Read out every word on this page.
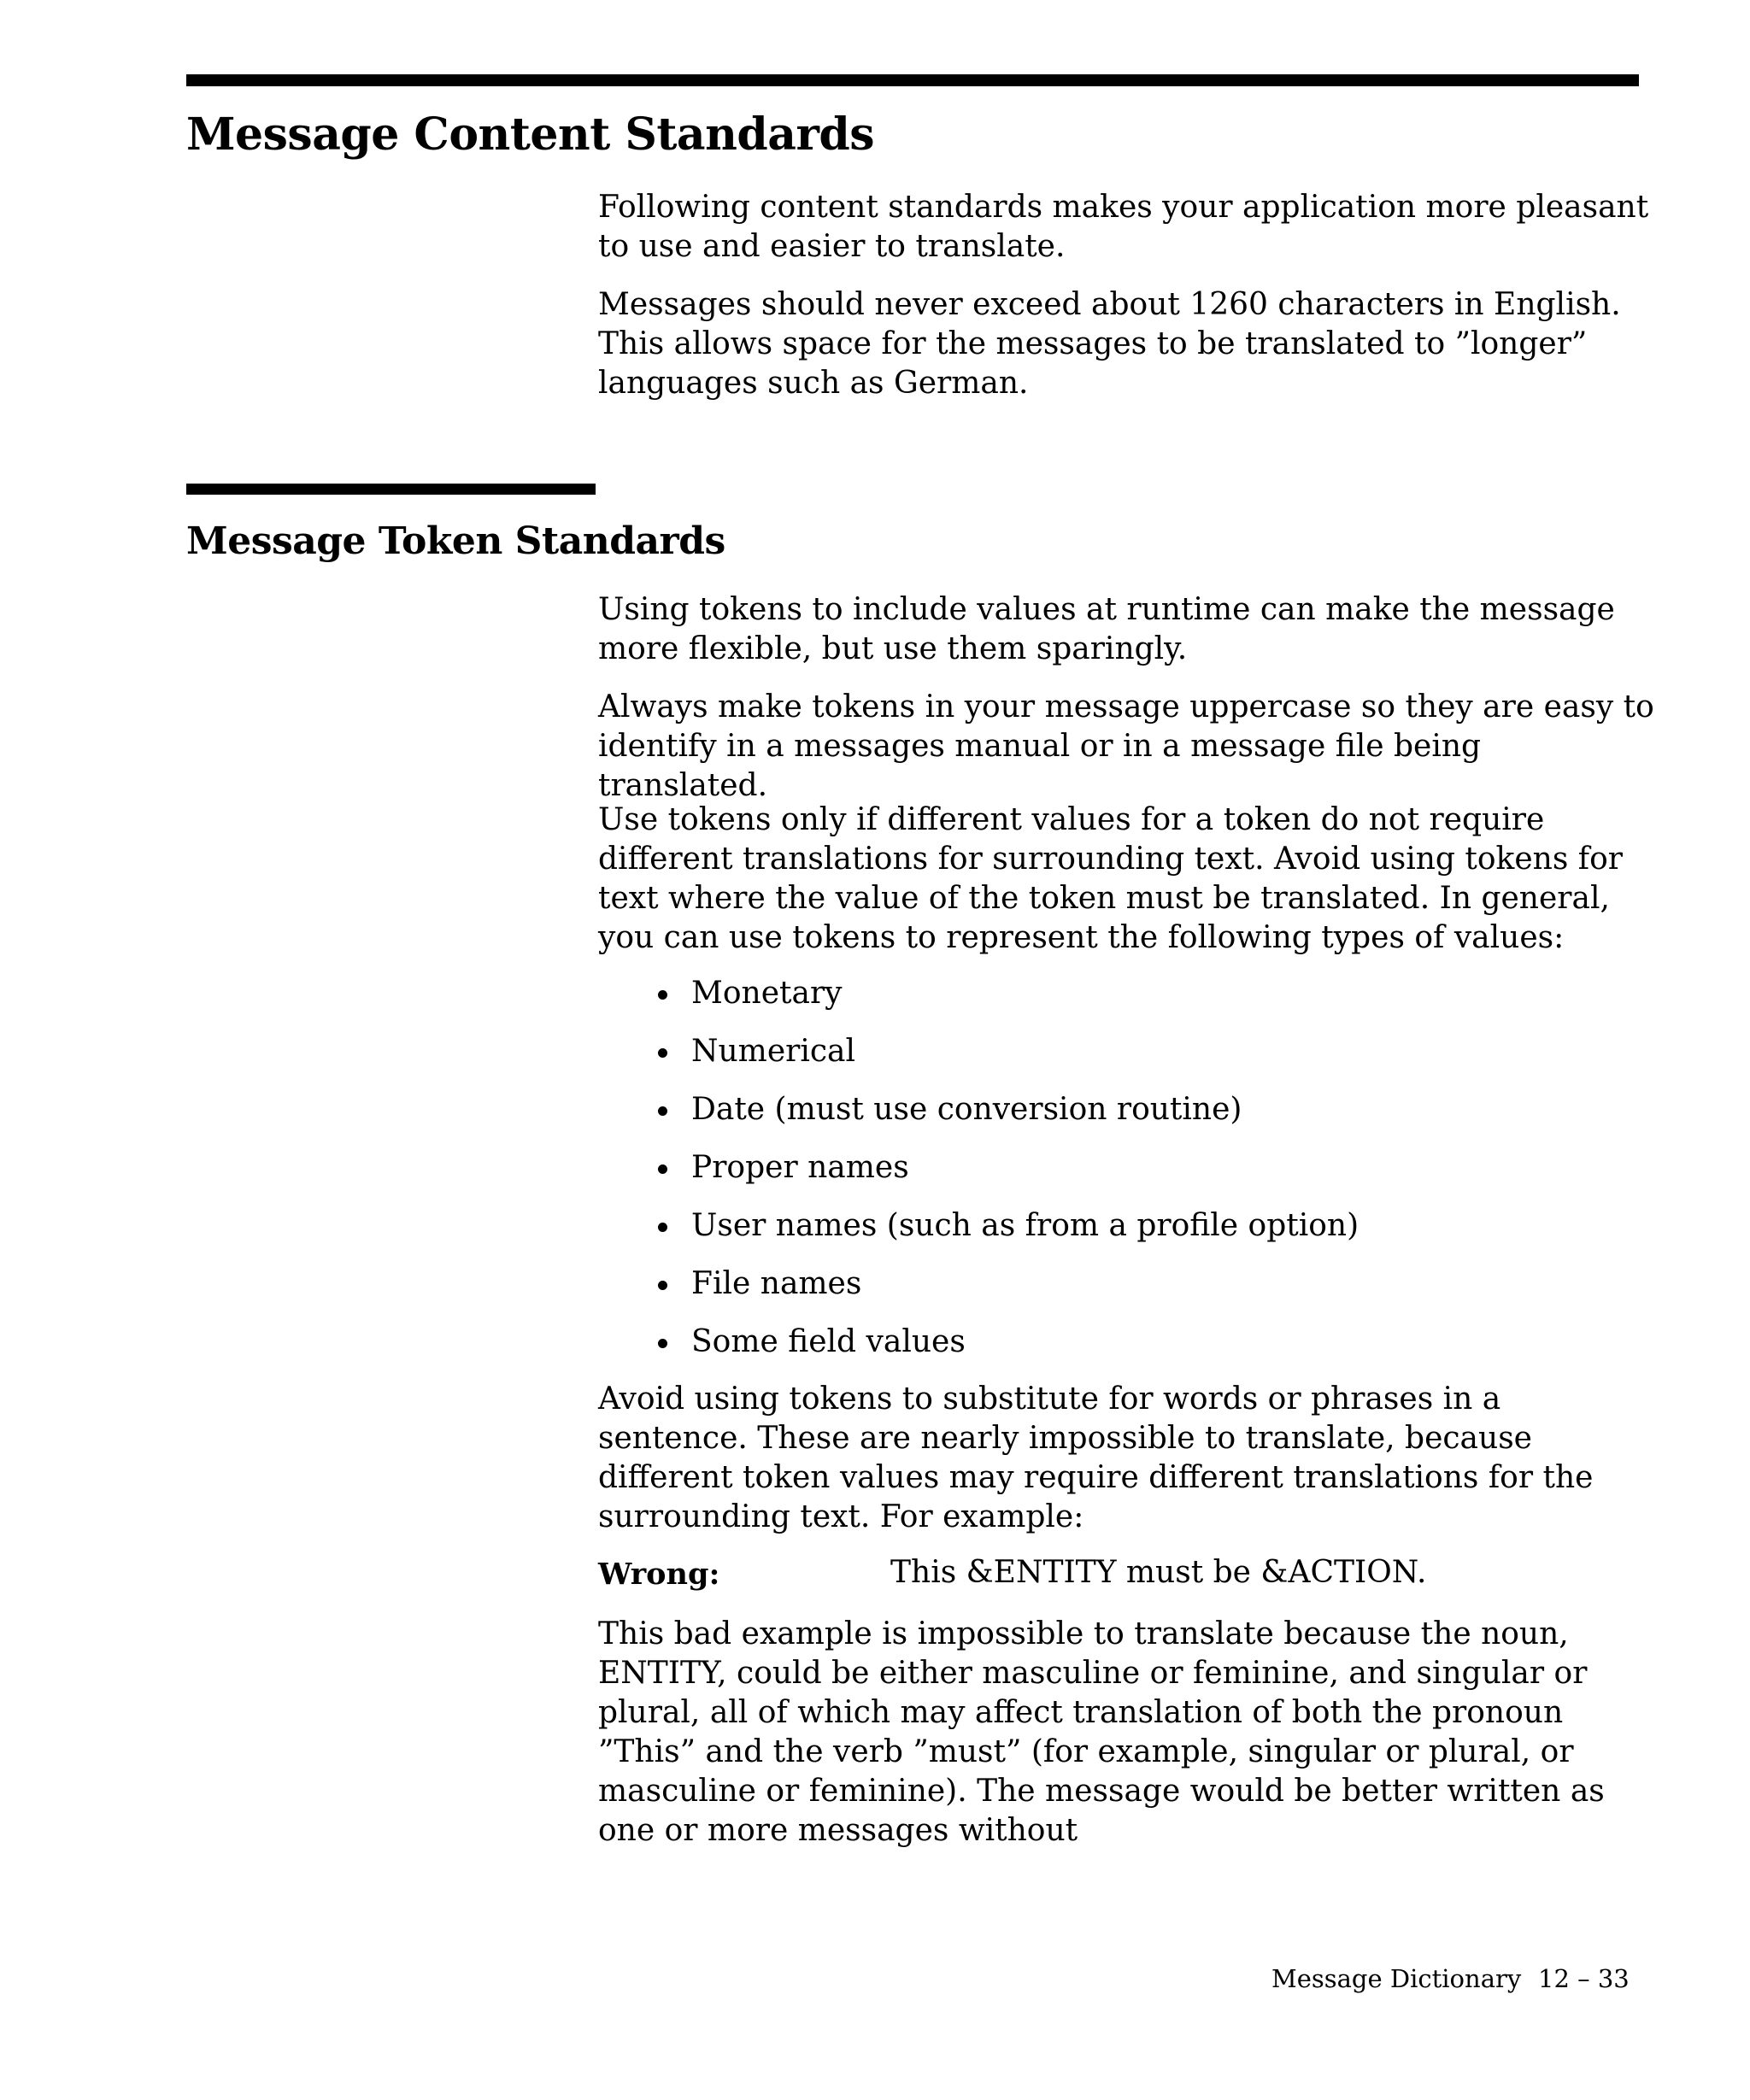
Message Content Standards

Following content standards makes your application more pleasant to use and easier to translate.

Messages should never exceed about 1260 characters in English. This allows space for the messages to be translated to ”longer” languages such as German.

Message Token Standards

Using tokens to include values at runtime can make the message more flexible, but use them sparingly.

Always make tokens in your message uppercase so they are easy to identify in a messages manual or in a message file being translated.

Use tokens only if different values for a token do not require different translations for surrounding text. Avoid using tokens for text where the value of the token must be translated. In general, you can use tokens to represent the following types of values:

Monetary
Numerical
Date (must use conversion routine)
Proper names
User names (such as from a profile option)
File names
Some field values

Avoid using tokens to substitute for words or phrases in a sentence. These are nearly impossible to translate, because different token values may require different translations for the surrounding text. For example:

Wrong:	This &ENTITY must be &ACTION.

This bad example is impossible to translate because the noun, ENTITY, could be either masculine or feminine, and singular or plural, all of which may affect translation of both the pronoun ”This” and the verb ”must” (for example, singular or plural, or masculine or feminine). The message would be better written as one or more messages without

Message Dictionary 12 – 33
